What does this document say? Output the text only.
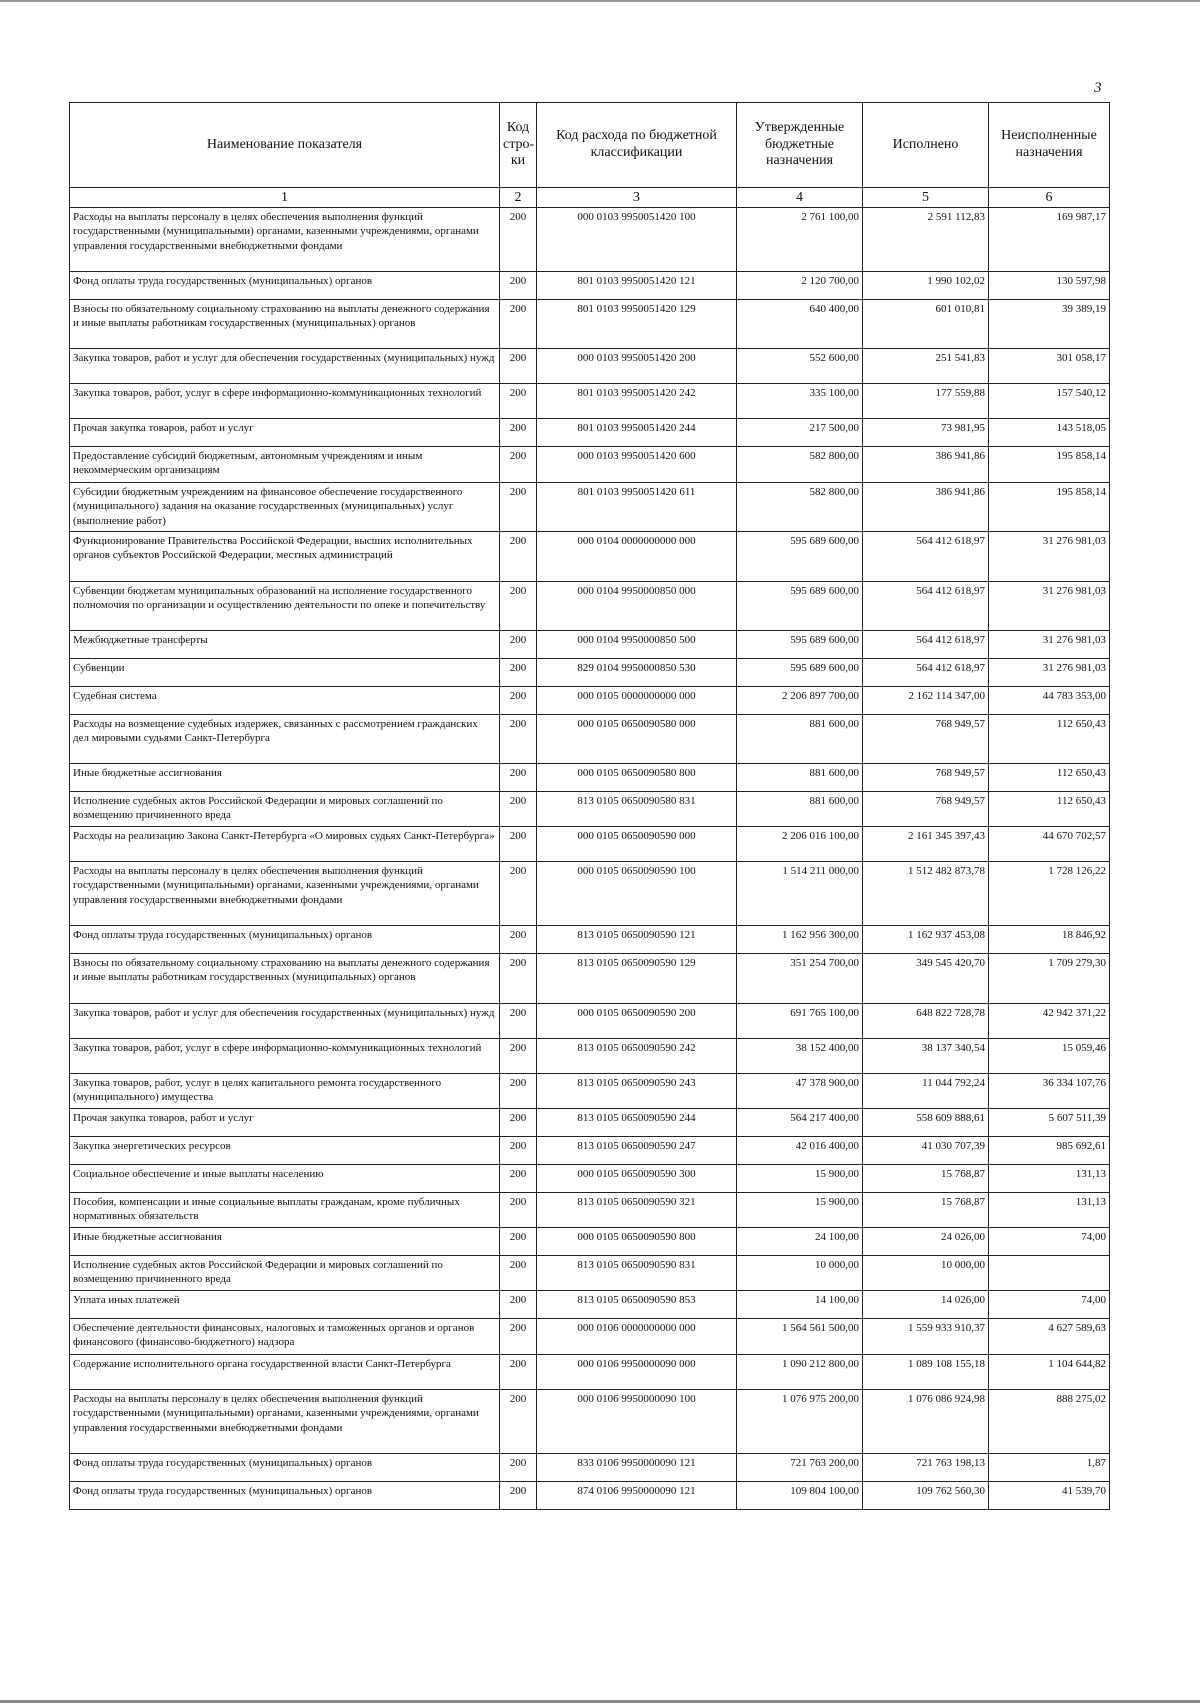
3
Наименование показателя	Код стро-ки	Код расхода по бюджетной классификации	Утвержденные бюджетные назначения	Исполнено	Неисполненные назначения
1	2	3	4	5	6
Расходы на выплаты персоналу в целях обеспечения выполнения функций государственными (муниципальными) органами, казенными учреждениями, органами управления государственными внебюджетными фондами	200	000 0103 9950051420 100	2 761 100,00	2 591 112,83	169 987,17
Фонд оплаты труда государственных (муниципальных) органов	200	801 0103 9950051420 121	2 120 700,00	1 990 102,02	130 597,98
Взносы по обязательному социальному страхованию на выплаты денежного содержания и иные выплаты работникам государственных (муниципальных) органов	200	801 0103 9950051420 129	640 400,00	601 010,81	39 389,19
Закупка товаров, работ и услуг для обеспечения государственных (муниципальных) нужд	200	000 0103 9950051420 200	552 600,00	251 541,83	301 058,17
Закупка товаров, работ, услуг в сфере информационно-коммуникационных технологий	200	801 0103 9950051420 242	335 100,00	177 559,88	157 540,12
Прочая закупка товаров, работ и услуг	200	801 0103 9950051420 244	217 500,00	73 981,95	143 518,05
Предоставление субсидий бюджетным, автономным учреждениям и иным некоммерческим организациям	200	000 0103 9950051420 600	582 800,00	386 941,86	195 858,14
Субсидии бюджетным учреждениям на финансовое обеспечение государственного (муниципального) задания на оказание государственных (муниципальных) услуг (выполнение работ)	200	801 0103 9950051420 611	582 800,00	386 941,86	195 858,14
Функционирование Правительства Российской Федерации, высших исполнительных органов субъектов Российской Федерации, местных администраций	200	000 0104 0000000000 000	595 689 600,00	564 412 618,97	31 276 981,03
Субвенции бюджетам муниципальных образований на исполнение государственного полномочия по организации и осуществлению деятельности по опеке и попечительству	200	000 0104 9950000850 000	595 689 600,00	564 412 618,97	31 276 981,03
Межбюджетные трансферты	200	000 0104 9950000850 500	595 689 600,00	564 412 618,97	31 276 981,03
Субвенции	200	829 0104 9950000850 530	595 689 600,00	564 412 618,97	31 276 981,03
Судебная система	200	000 0105 0000000000 000	2 206 897 700,00	2 162 114 347,00	44 783 353,00
Расходы на возмещение судебных издержек, связанных с рассмотрением гражданских дел мировыми судьями Санкт-Петербурга	200	000 0105 0650090580 000	881 600,00	768 949,57	112 650,43
Иные бюджетные ассигнования	200	000 0105 0650090580 800	881 600,00	768 949,57	112 650,43
Исполнение судебных актов Российской Федерации и мировых соглашений по возмещению причиненного вреда	200	813 0105 0650090580 831	881 600,00	768 949,57	112 650,43
Расходы на реализацию Закона Санкт-Петербурга «О мировых судьях Санкт-Петербурга»	200	000 0105 0650090590 000	2 206 016 100,00	2 161 345 397,43	44 670 702,57
Расходы на выплаты персоналу в целях обеспечения выполнения функций государственными (муниципальными) органами, казенными учреждениями, органами управления государственными внебюджетными фондами	200	000 0105 0650090590 100	1 514 211 000,00	1 512 482 873,78	1 728 126,22
Фонд оплаты труда государственных (муниципальных) органов	200	813 0105 0650090590 121	1 162 956 300,00	1 162 937 453,08	18 846,92
Взносы по обязательному социальному страхованию на выплаты денежного содержания и иные выплаты работникам государственных (муниципальных) органов	200	813 0105 0650090590 129	351 254 700,00	349 545 420,70	1 709 279,30
Закупка товаров, работ и услуг для обеспечения государственных (муниципальных) нужд	200	000 0105 0650090590 200	691 765 100,00	648 822 728,78	42 942 371,22
Закупка товаров, работ, услуг в сфере информационно-коммуникационных технологий	200	813 0105 0650090590 242	38 152 400,00	38 137 340,54	15 059,46
Закупка товаров, работ, услуг в целях капитального ремонта государственного (муниципального) имущества	200	813 0105 0650090590 243	47 378 900,00	11 044 792,24	36 334 107,76
Прочая закупка товаров, работ и услуг	200	813 0105 0650090590 244	564 217 400,00	558 609 888,61	5 607 511,39
Закупка энергетических ресурсов	200	813 0105 0650090590 247	42 016 400,00	41 030 707,39	985 692,61
Социальное обеспечение и иные выплаты населению	200	000 0105 0650090590 300	15 900,00	15 768,87	131,13
Пособия, компенсации и иные социальные выплаты гражданам, кроме публичных нормативных обязательств	200	813 0105 0650090590 321	15 900,00	15 768,87	131,13
Иные бюджетные ассигнования	200	000 0105 0650090590 800	24 100,00	24 026,00	74,00
Исполнение судебных актов Российской Федерации и мировых соглашений по возмещению причиненного вреда	200	813 0105 0650090590 831	10 000,00	10 000,00	
Уплата иных платежей	200	813 0105 0650090590 853	14 100,00	14 026,00	74,00
Обеспечение деятельности финансовых, налоговых и таможенных органов и органов финансового (финансово-бюджетного) надзора	200	000 0106 0000000000 000	1 564 561 500,00	1 559 933 910,37	4 627 589,63
Содержание исполнительного органа государственной власти Санкт-Петербурга	200	000 0106 9950000090 000	1 090 212 800,00	1 089 108 155,18	1 104 644,82
Расходы на выплаты персоналу в целях обеспечения выполнения функций государственными (муниципальными) органами, казенными учреждениями, органами управления государственными внебюджетными фондами	200	000 0106 9950000090 100	1 076 975 200,00	1 076 086 924,98	888 275,02
Фонд оплаты труда государственных (муниципальных) органов	200	833 0106 9950000090 121	721 763 200,00	721 763 198,13	1,87
Фонд оплаты труда государственных (муниципальных) органов	200	874 0106 9950000090 121	109 804 100,00	109 762 560,30	41 539,70
